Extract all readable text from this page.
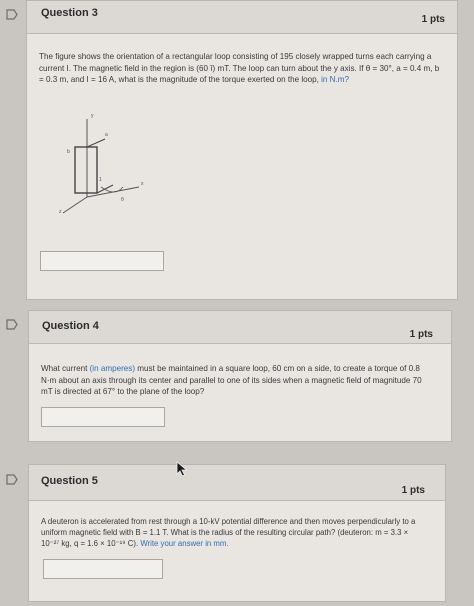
Question 3
1 pts
The figure shows the orientation of a rectangular loop consisting of 195 closely wrapped turns each carrying a current I. The magnetic field in the region is (60 î) mT. The loop can turn about the y axis. If θ = 30°, a = 0.4 m, b = 0.3 m, and I = 16 A, what is the magnitude of the torque exerted on the loop, in N.m?
y
a
b
1
x
z
θ
Question 4
1 pts
What current (in amperes) must be maintained in a square loop, 60 cm on a side, to create a torque of 0.8 N·m about an axis through its center and parallel to one of its sides when a magnetic field of magnitude 70 mT is directed at 67° to the plane of the loop?
Question 5
1 pts
A deuteron is accelerated from rest through a 10-kV potential difference and then moves perpendicularly to a uniform magnetic field with B = 1.1 T. What is the radius of the resulting circular path? (deuteron: m = 3.3 × 10⁻²⁷ kg, q = 1.6 × 10⁻¹⁹ C). Write your answer in mm.
